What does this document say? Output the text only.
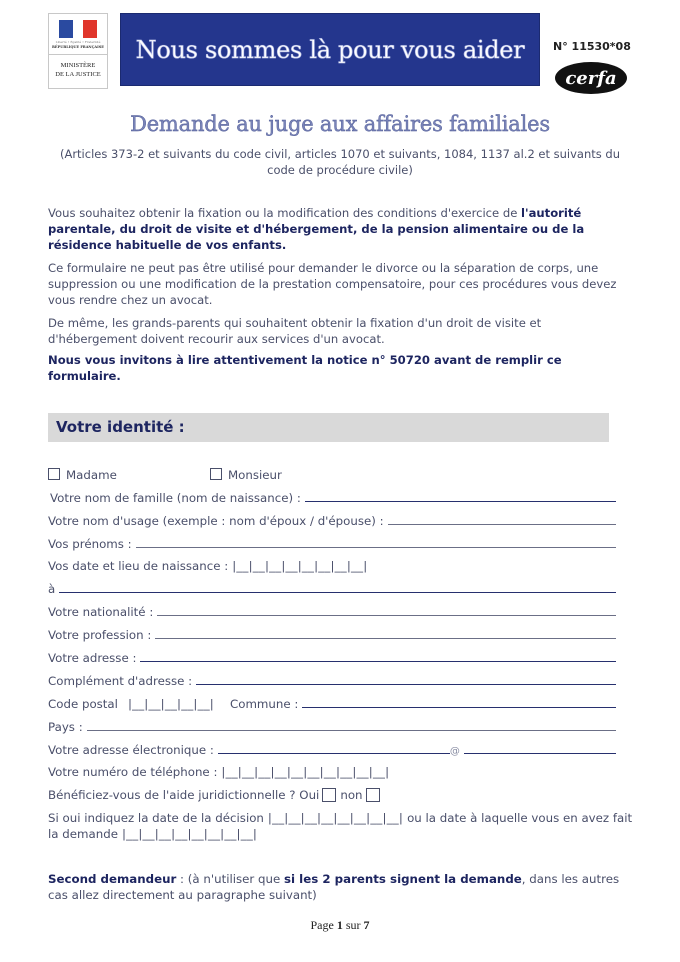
Liberté • Égalité • Fraternité
RÉPUBLIQUE FRANÇAISE
MINISTÈRE
DE LA JUSTICE
Nous sommes là pour vous aider	N° 11530*08
cerfa
Demande au juge aux affaires familiales
(Articles 373-2 et suivants du code civil, articles 1070 et suivants, 1084, 1137 al.2 et suivants du code de procédure civile)
Vous souhaitez obtenir la fixation ou la modification des conditions d'exercice de l'autorité parentale, du droit de visite et d'hébergement, de la pension alimentaire ou de la résidence habituelle de vos enfants.
Ce formulaire ne peut pas être utilisé pour demander le divorce ou la séparation de corps, une suppression ou une modification de la prestation compensatoire, pour ces procédures vous devez vous rendre chez un avocat.
De même, les grands-parents qui souhaitent obtenir la fixation d'un droit de visite et d'hébergement doivent recourir aux services d'un avocat.
Nous vous invitons à lire attentivement la notice n° 50720 avant de remplir ce formulaire.
Votre identité :
Madame	Monsieur
Votre nom de famille (nom de naissance) :
Votre nom d'usage (exemple : nom d'époux / d'épouse) :
Vos prénoms :
Vos date et lieu de naissance : |__|__|__|__|__|__|__|__|
à
Votre nationalité :
Votre profession :
Votre adresse :
Complément d'adresse :
Code postal |__|__|__|__|__| Commune :
Pays :
Votre adresse électronique :	@
Votre numéro de téléphone : |__|__|__|__|__|__|__|__|__|__|
Bénéficiez-vous de l'aide juridictionnelle ? Oui non
Si oui indiquez la date de la décision |__|__|__|__|__|__|__|__| ou la date à laquelle vous en avez fait
la demande |__|__|__|__|__|__|__|__|
Second demandeur : (à n'utiliser que si les 2 parents signent la demande, dans les autres cas allez directement au paragraphe suivant)
Page 1 sur 7
